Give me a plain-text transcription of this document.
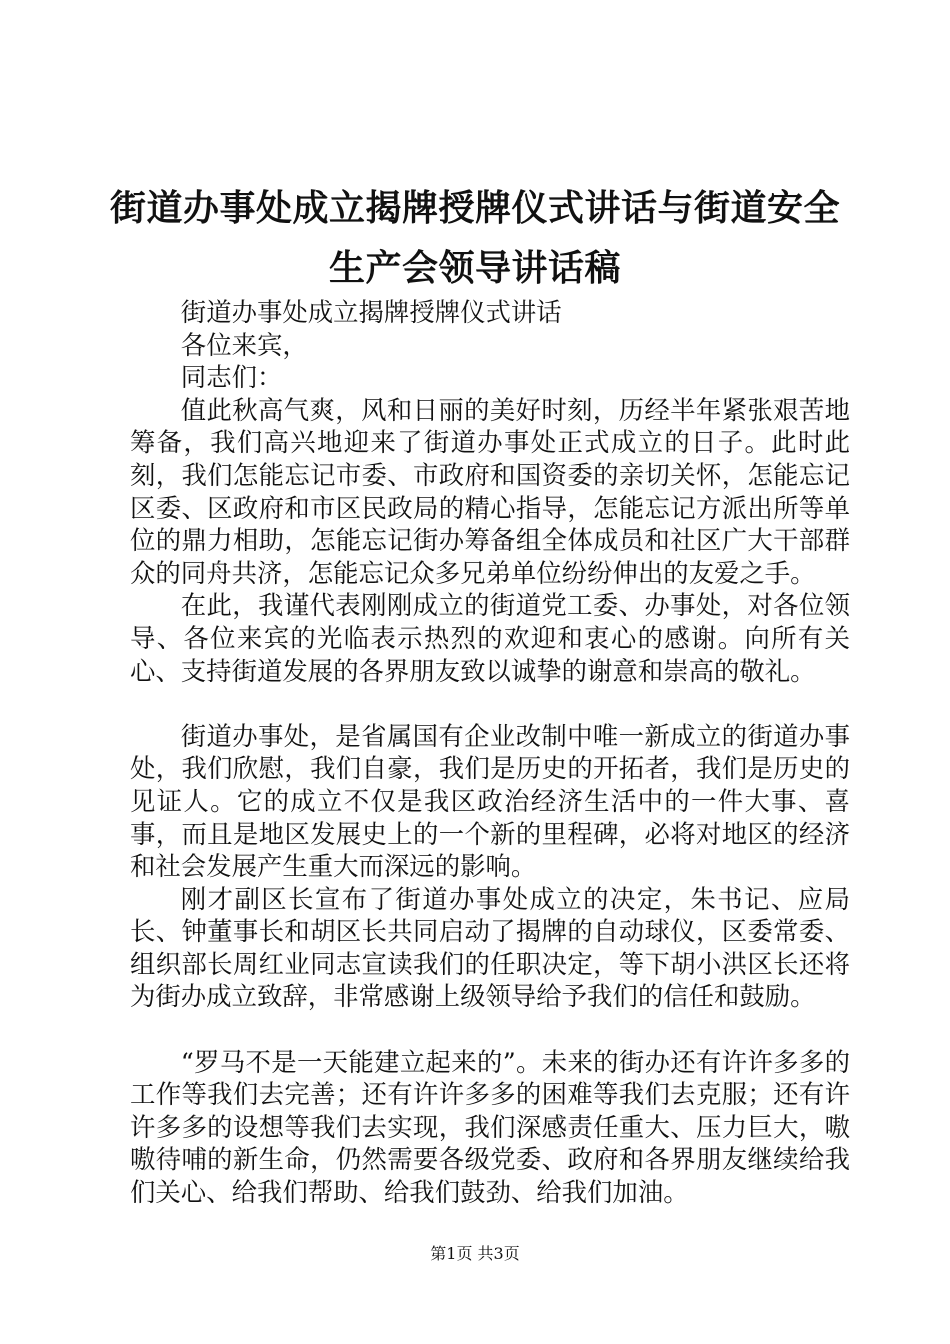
街道办事处成立揭牌授牌仪式讲话与街道安全
生产会领导讲话稿

街道办事处成立揭牌授牌仪式讲话

各位来宾，

同志们：

值此秋高气爽，风和日丽的美好时刻，历经半年紧张艰苦地筹备，我们高兴地迎来了街道办事处正式成立的日子。此时此刻，我们怎能忘记市委、市政府和国资委的亲切关怀，怎能忘记区委、区政府和市区民政局的精心指导，怎能忘记方派出所等单位的鼎力相助，怎能忘记街办筹备组全体成员和社区广大干部群众的同舟共济，怎能忘记众多兄弟单位纷纷伸出的友爱之手。

在此，我谨代表刚刚成立的街道党工委、办事处，对各位领导、各位来宾的光临表示热烈的欢迎和衷心的感谢。向所有关心、支持街道发展的各界朋友致以诚挚的谢意和崇高的敬礼。

街道办事处，是省属国有企业改制中唯一新成立的街道办事处，我们欣慰，我们自豪，我们是历史的开拓者，我们是历史的见证人。它的成立不仅是我区政治经济生活中的一件大事、喜事，而且是地区发展史上的一个新的里程碑，必将对地区的经济和社会发展产生重大而深远的影响。

刚才副区长宣布了街道办事处成立的决定，朱书记、应局长、钟董事长和胡区长共同启动了揭牌的自动球仪，区委常委、组织部长周红业同志宣读我们的任职决定，等下胡小洪区长还将为街办成立致辞，非常感谢上级领导给予我们的信任和鼓励。

“罗马不是一天能建立起来的”。未来的街办还有许许多多的工作等我们去完善；还有许许多多的困难等我们去克服；还有许许多多的设想等我们去实现，我们深感责任重大、压力巨大，嗷嗷待哺的新生命，仍然需要各级党委、政府和各界朋友继续给我们关心、给我们帮助、给我们鼓劲、给我们加油。

第1页 共3页
